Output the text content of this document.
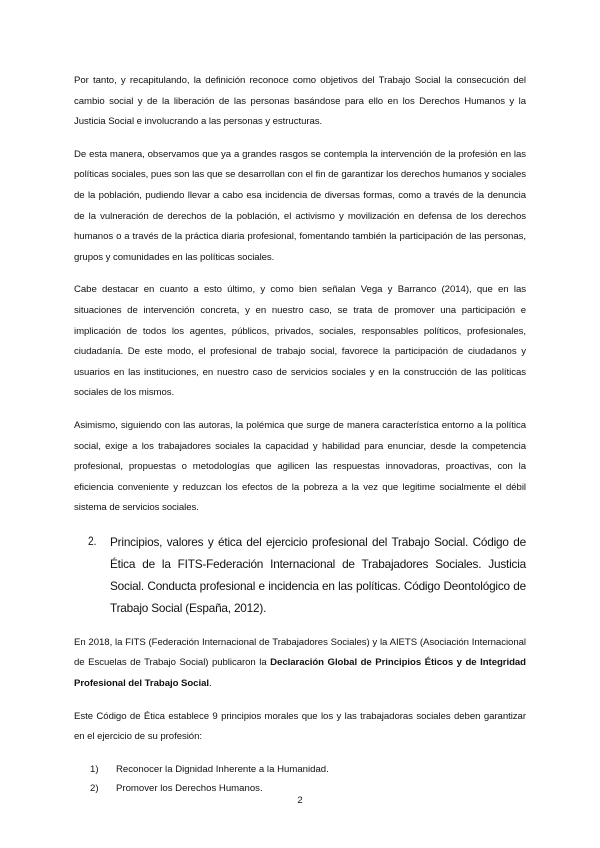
Por tanto, y recapitulando, la definición reconoce como objetivos del Trabajo Social la consecución del cambio social y de la liberación de las personas basándose para ello en los Derechos Humanos y la Justicia Social e involucrando a las personas y estructuras.

De esta manera, observamos que ya a grandes rasgos se contempla la intervención de la profesión en las políticas sociales, pues son las que se desarrollan con el fin de garantizar los derechos humanos y sociales de la población, pudiendo llevar a cabo esa incidencia de diversas formas, como a través de la denuncia de la vulneración de derechos de la población, el activismo y movilización en defensa de los derechos humanos o a través de la práctica diaria profesional, fomentando también la participación de las personas, grupos y comunidades en las políticas sociales.

Cabe destacar en cuanto a esto último, y como bien señalan Vega y Barranco (2014), que en las situaciones de intervención concreta, y en nuestro caso, se trata de promover una participación e implicación de todos los agentes, públicos, privados, sociales, responsables políticos, profesionales, ciudadanía. De este modo, el profesional de trabajo social, favorece la participación de ciudadanos y usuarios en las instituciones, en nuestro caso de servicios sociales y en la construcción de las políticas sociales de los mismos.

Asimismo, siguiendo con las autoras, la polémica que surge de manera característica entorno a la política social, exige a los trabajadores sociales la capacidad y habilidad para enunciar, desde la competencia profesional, propuestas o metodologías que agilicen las respuestas innovadoras, proactivas, con la eficiencia conveniente y reduzcan los efectos de la pobreza a la vez que legitime socialmente el débil sistema de servicios sociales.

2.	Principios, valores y ética del ejercicio profesional del Trabajo Social. Código de Ética de la FITS-Federación Internacional de Trabajadores Sociales. Justicia Social. Conducta profesional e incidencia en las políticas. Código Deontológico de Trabajo Social (España, 2012).

En 2018, la FITS (Federación Internacional de Trabajadores Sociales) y la AIETS (Asociación Internacional de Escuelas de Trabajo Social) publicaron la Declaración Global de Principios Éticos y de Integridad Profesional del Trabajo Social.

Este Código de Ética establece 9 principios morales que los y las trabajadoras sociales deben garantizar en el ejercicio de su profesión:

1)	Reconocer la Dignidad Inherente a la Humanidad.
2)	Promover los Derechos Humanos.
2
